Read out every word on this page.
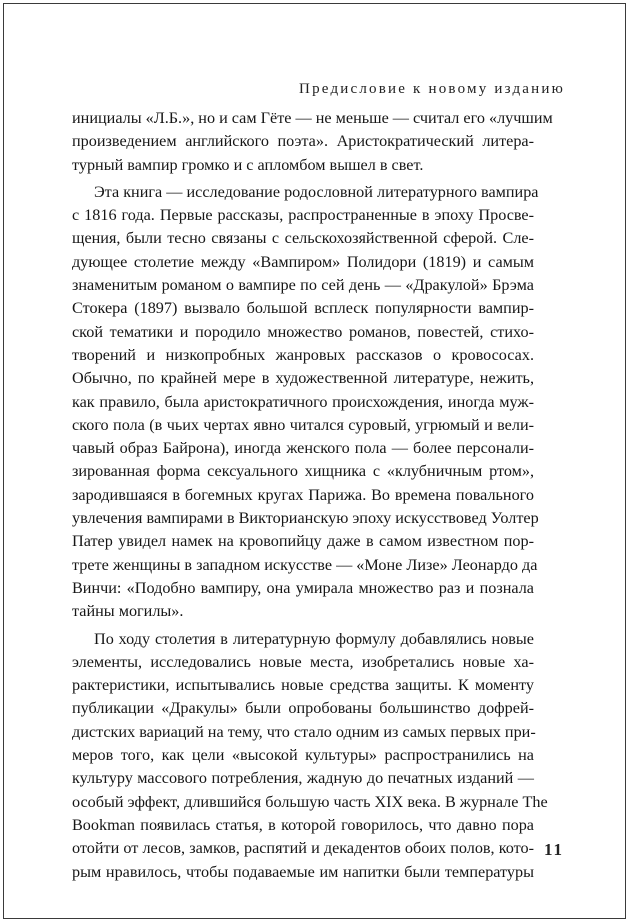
Предисловие к новому изданию
инициалы «Л.Б.», но и сам Гёте — не меньше — считал его «лучшим
произведением английского поэта». Аристократический литера-
турный вампир громко и с апломбом вышел в свет.
Эта книга — исследование родословной литературного вампира
с 1816 года. Первые рассказы, распространенные в эпоху Просве-
щения, были тесно связаны с сельскохозяйственной сферой. Сле-
дующее столетие между «Вампиром» Полидори (1819) и самым
знаменитым романом о вампире по сей день — «Дракулой» Брэма
Стокера (1897) вызвало большой всплеск популярности вампир-
ской тематики и породило множество романов, повестей, стихо-
творений и низкопробных жанровых рассказов о кровососах.
Обычно, по крайней мере в художественной литературе, нежить,
как правило, была аристократичного происхождения, иногда муж-
ского пола (в чьих чертах явно читался суровый, угрюмый и вели-
чавый образ Байрона), иногда женского пола — более персонали-
зированная форма сексуального хищника с «клубничным ртом»,
зародившаяся в богемных кругах Парижа. Во времена повального
увлечения вампирами в Викторианскую эпоху искусствовед Уолтер
Патер увидел намек на кровопийцу даже в самом известном пор-
трете женщины в западном искусстве — «Моне Лизе» Леонардо да
Винчи: «Подобно вампиру, она умирала множество раз и познала
тайны могилы».
По ходу столетия в литературную формулу добавлялись новые
элементы, исследовались новые места, изобретались новые ха-
рактеристики, испытывались новые средства защиты. К моменту
публикации «Дракулы» были опробованы большинство дофрей-
дистских вариаций на тему, что стало одним из самых первых при-
меров того, как цели «высокой культуры» распространились на
культуру массового потребления, жадную до печатных изданий —
особый эффект, длившийся большую часть XIX века. В журнале The
Bookman появилась статья, в которой говорилось, что давно пора
отойти от лесов, замков, распятий и декадентов обоих полов, кото-
рым нравилось, чтобы подаваемые им напитки были температуры
11
